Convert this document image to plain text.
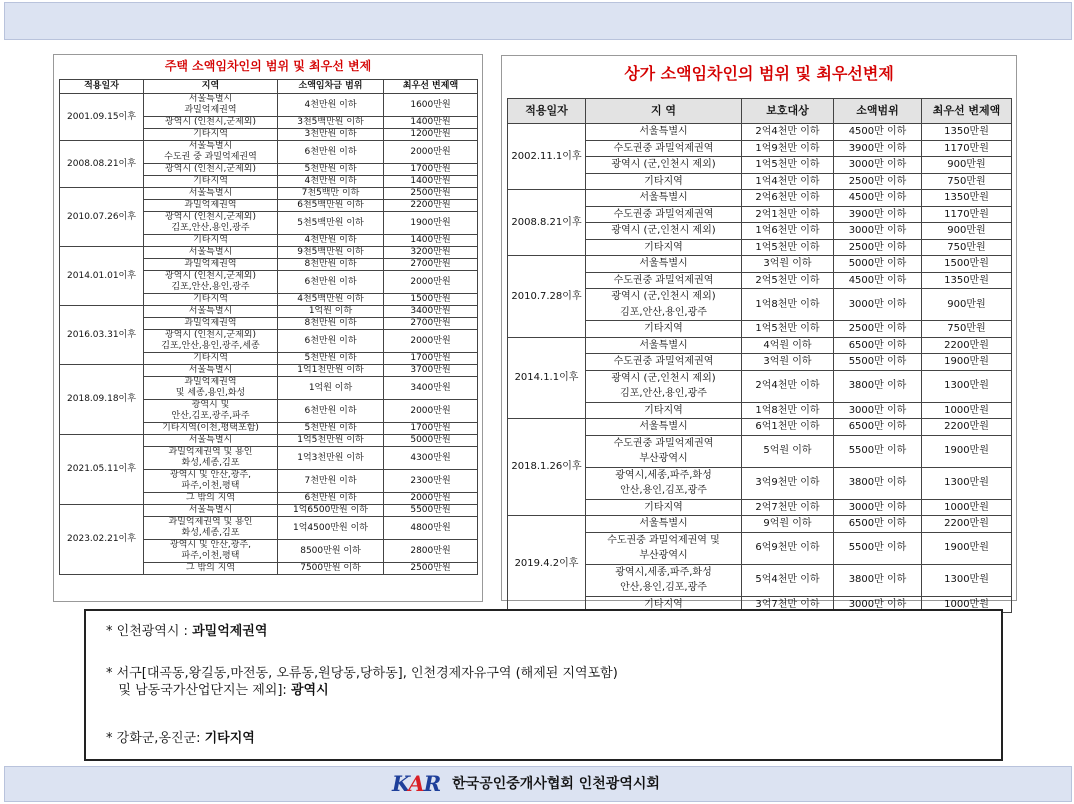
주택 소액임차인의 범위 및 최우선 변제
적용일자	지역	소액임차금 범위	최우선 변제액
2001.09.15이후	서울특별시
과밀억제권역	4천만원 이하	1600만원
	광역시 (인천시,군제외)	3천5백만원 이하	1400만원
	기타지역	3천만원 이하	1200만원
2008.08.21이후	서울특별시
수도권 중 과밀억제권역	6천만원 이하	2000만원
	광역시 (인천시,군제외)	5천만원 이하	1700만원
	기타지역	4천만원 이하	1400만원
2010.07.26이후	서울특별시	7천5백만 이하	2500만원
	과밀억제권역	6천5백만원 이하	2200만원
	광역시 (인천시,군제외)
김포,안산,용인,광주	5천5백만원 이하	1900만원
	기타지역	4천만원 이하	1400만원
2014.01.01이후	서울특별시	9천5백만원 이하	3200만원
	과밀억제권역	8천만원 이하	2700만원
	광역시 (인천시,군제외)
김포,안산,용인,광주	6천만원 이하	2000만원
	기타지역	4천5백만원 이하	1500만원
2016.03.31이후	서울특별시	1억원 이하	3400만원
	과밀억제권역	8천만원 이하	2700만원
	광역시 (인천시,군제외)
김포,안산,용인,광주,세종	6천만원 이하	2000만원
	기타지역	5천만원 이하	1700만원
2018.09.18이후	서울특별시	1억1천만원 이하	3700만원
	과밀억제권역
및 세종,용인,화성	1억원 이하	3400만원
	광역시 및
안산,김포,광주,파주	6천만원 이하	2000만원
	기타지역(이천,평택포함)	5천만원 이하	1700만원
2021.05.11이후	서울특별시	1억5천만원 이하	5000만원
	과밀억제권역 및 용인
화성,세종,김포	1억3천만원 이하	4300만원
	광역시 및 안산,광주,
파주,이천,평택	7천만원 이하	2300만원
	그 밖의 지역	6천만원 이하	2000만원
2023.02.21이후	서울특별시	1억6500만원 이하	5500만원
	과밀억제권역 및 용인
화성,세종,김포	1억4500만원 이하	4800만원
	광역시 및 안산,광주,
파주,이천,평택	8500만원 이하	2800만원
	그 밖의 지역	7500만원 이하	2500만원
상가 소액임차인의 범위 및 최우선변제
적용일자	지 역	보호대상	소액범위	최우선 변제액
2002.11.1이후	서울특별시	2억4천만 이하	4500만 이하	1350만원
	수도권중 과밀억제권역	1억9천만 이하	3900만 이하	1170만원
	광역시 (군,인천시 제외)	1억5천만 이하	3000만 이하	900만원
	기타지역	1억4천만 이하	2500만 이하	750만원
2008.8.21이후	서울특별시	2억6천만 이하	4500만 이하	1350만원
	수도권중 과밀억제권역	2억1천만 이하	3900만 이하	1170만원
	광역시 (군,인천시 제외)	1억6천만 이하	3000만 이하	900만원
	기타지역	1억5천만 이하	2500만 이하	750만원
2010.7.28이후	서울특별시	3억원 이하	5000만 이하	1500만원
	수도권중 과밀억제권역	2억5천만 이하	4500만 이하	1350만원
	광역시 (군,인천시 제외)
김포,안산,용인,광주	1억8천만 이하	3000만 이하	900만원
	기타지역	1억5천만 이하	2500만 이하	750만원
2014.1.1이후	서울특별시	4억원 이하	6500만 이하	2200만원
	수도권중 과밀억제권역	3억원 이하	5500만 이하	1900만원
	광역시 (군,인천시 제외)
김포,안산,용인,광주	2억4천만 이하	3800만 이하	1300만원
	기타지역	1억8천만 이하	3000만 이하	1000만원
2018.1.26이후	서울특별시	6억1천만 이하	6500만 이하	2200만원
	수도권중 과밀억제권역
부산광역시	5억원 이하	5500만 이하	1900만원
	광역시,세종,파주,화성
안산,용인,김포,광주	3억9천만 이하	3800만 이하	1300만원
	기타지역	2억7천만 이하	3000만 이하	1000만원
2019.4.2이후	서울특별시	9억원 이하	6500만 이하	2200만원
	수도권중 과밀억제권역 및
부산광역시	6억9천만 이하	5500만 이하	1900만원
	광역시,세종,파주,화성
안산,용인,김포,광주	5억4천만 이하	3800만 이하	1300만원
	기타지역	3억7천만 이하	3000만 이하	1000만원
* 인천광역시 : 과밀억제권역
* 서구[대곡동,왕길동,마전동, 오류동,원당동,당하동], 인천경제자유구역 (해제된 지역포함)
및 남동국가산업단지는 제외]: 광역시
* 강화군,옹진군: 기타지역
KAR 한국공인중개사협회 인천광역시회
